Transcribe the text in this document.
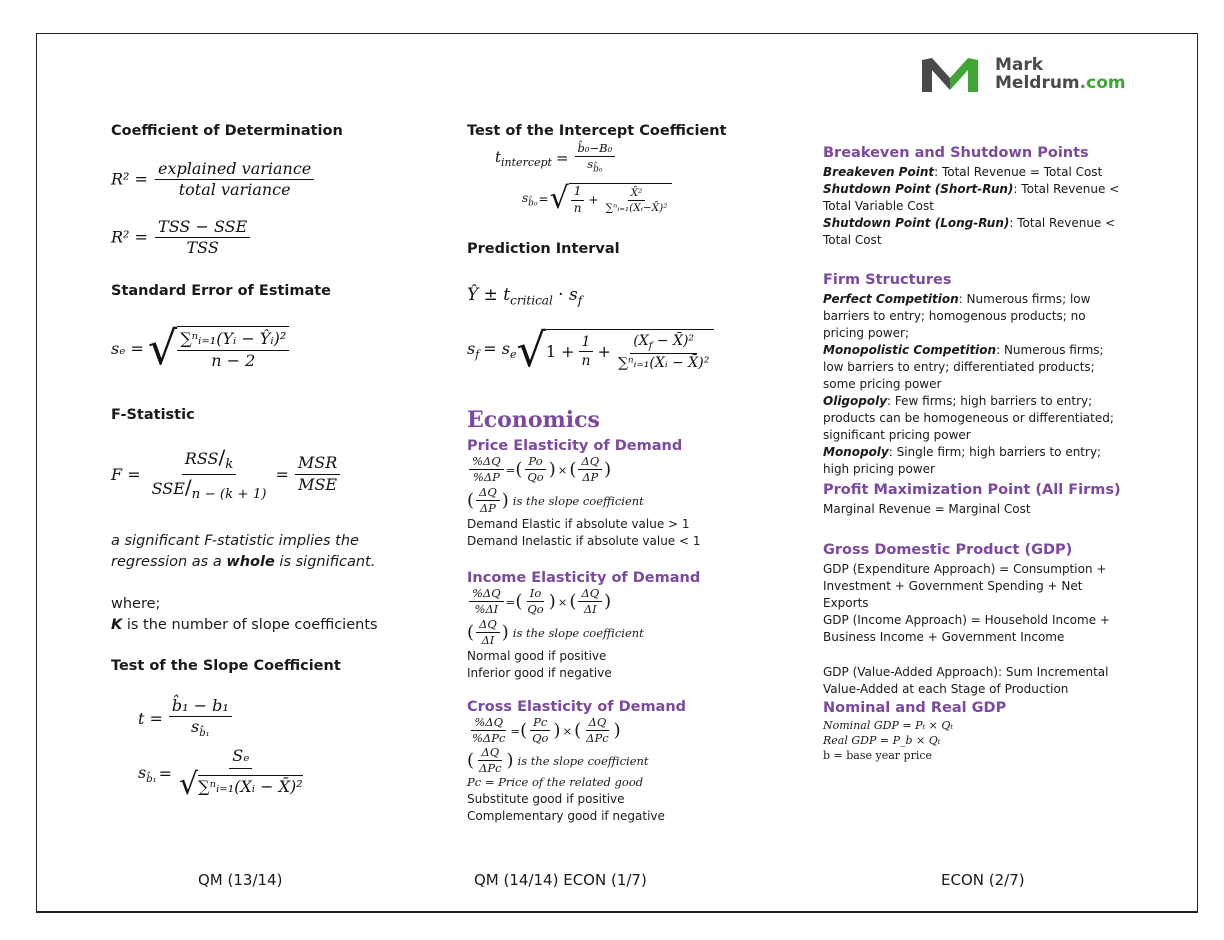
Mark
Meldrum.com
Coefficient of Determination
$R^2 = \frac{\text{explained variance}}{\text{total variance}}$
$R^2 = \frac{\text{TSS − SSE}}{\text{TSS}}$
Standard Error of Estimate
sₑ = √ $\frac{\text{∑ⁿᵢ₌₁(Yᵢ − Ŷᵢ)²}}{n - 2}$
F-Statistic
$F = \frac{RSS/_k}{SSE/_{n - (k + 1)}} = \frac{\text{MSR}}{\text{MSE}}$
a significant F-statistic implies the
regression as a whole is significant.
where;
K is the number of slope coefficients
Test of the Slope Coefficient
$t = \frac{\text{b̂₁ − b₁}}{s_{b̂_1}}$
$s_{b̂_1} = \frac{\text{Sₑ}}{\text{√ ∑ⁿᵢ₌₁(Xᵢ − X̄)²}}$
Test of the Intercept Coefficient
$t_{intercept} = \frac{\text{b̂₀−B₀}}{s_{b̂_0}}$
$s_{b̂_0}$ = √ $\frac{1}{n} + \frac{\text{X̄²}}{\text{∑ⁿᵢ₌₁(Xᵢ−X̄)²}}$
Prediction Interval
Ŷ ± $t_{critical} \cdot s_f$
$s_f = s_e$ √ $1 + \frac{1}{n} + \frac{(X_f - X̄)^2}{\text{∑ⁿᵢ₌₁(Xᵢ − X̄)²}}$
Economics
Price Elasticity of Demand
$\frac{\%\Delta Q}{\%\Delta P}$ = ( $\frac{Po}{Qo}$ ) × ( $\frac{\Delta Q}{\Delta P}$ )
( $\frac{\Delta Q}{\Delta P}$ ) is the slope coefficient
Demand Elastic if absolute value > 1
Demand Inelastic if absolute value < 1
Income Elasticity of Demand
$\frac{\%\Delta Q}{\%\Delta I}$ = ( $\frac{Io}{Qo}$ ) × ( $\frac{\Delta Q}{\Delta I}$ )
( $\frac{\Delta Q}{\Delta I}$ ) is the slope coefficient
Normal good if positive
Inferior good if negative
Cross Elasticity of Demand
$\frac{\%\Delta Q}{\text{\%ΔPc}}$ = ( $\frac{Pc}{Qo}$ ) × ( $\frac{\Delta Q}{\text{ΔPc}}$ )
( $\frac{\Delta Q}{\text{ΔPc}}$ ) is the slope coefficient
Pc = Price of the related good
Substitute good if positive
Complementary good if negative
Breakeven and Shutdown Points
Breakeven Point: Total Revenue = Total Cost
Shutdown Point (Short-Run): Total Revenue < Total Variable Cost
Shutdown Point (Long-Run): Total Revenue < Total Cost
Firm Structures
Perfect Competition: Numerous firms; low barriers to entry; homogenous products; no pricing power;
Monopolistic Competition: Numerous firms; low barriers to entry; differentiated products; some pricing power
Oligopoly: Few firms; high barriers to entry; products can be homogeneous or differentiated; significant pricing power
Monopoly: Single firm; high barriers to entry; high pricing power
Profit Maximization Point (All Firms)
Marginal Revenue = Marginal Cost
Gross Domestic Product (GDP)
GDP (Expenditure Approach) = Consumption + Investment + Government Spending + Net Exports
GDP (Income Approach) = Household Income + Business Income + Government Income
GDP (Value-Added Approach): Sum Incremental Value-Added at each Stage of Production
Nominal and Real GDP
Nominal GDP = Pₜ × Qₜ
Real GDP = P_b × Qₜ
b = base year price
QM (13/14)	QM (14/14) ECON (1/7)	ECON (2/7)
